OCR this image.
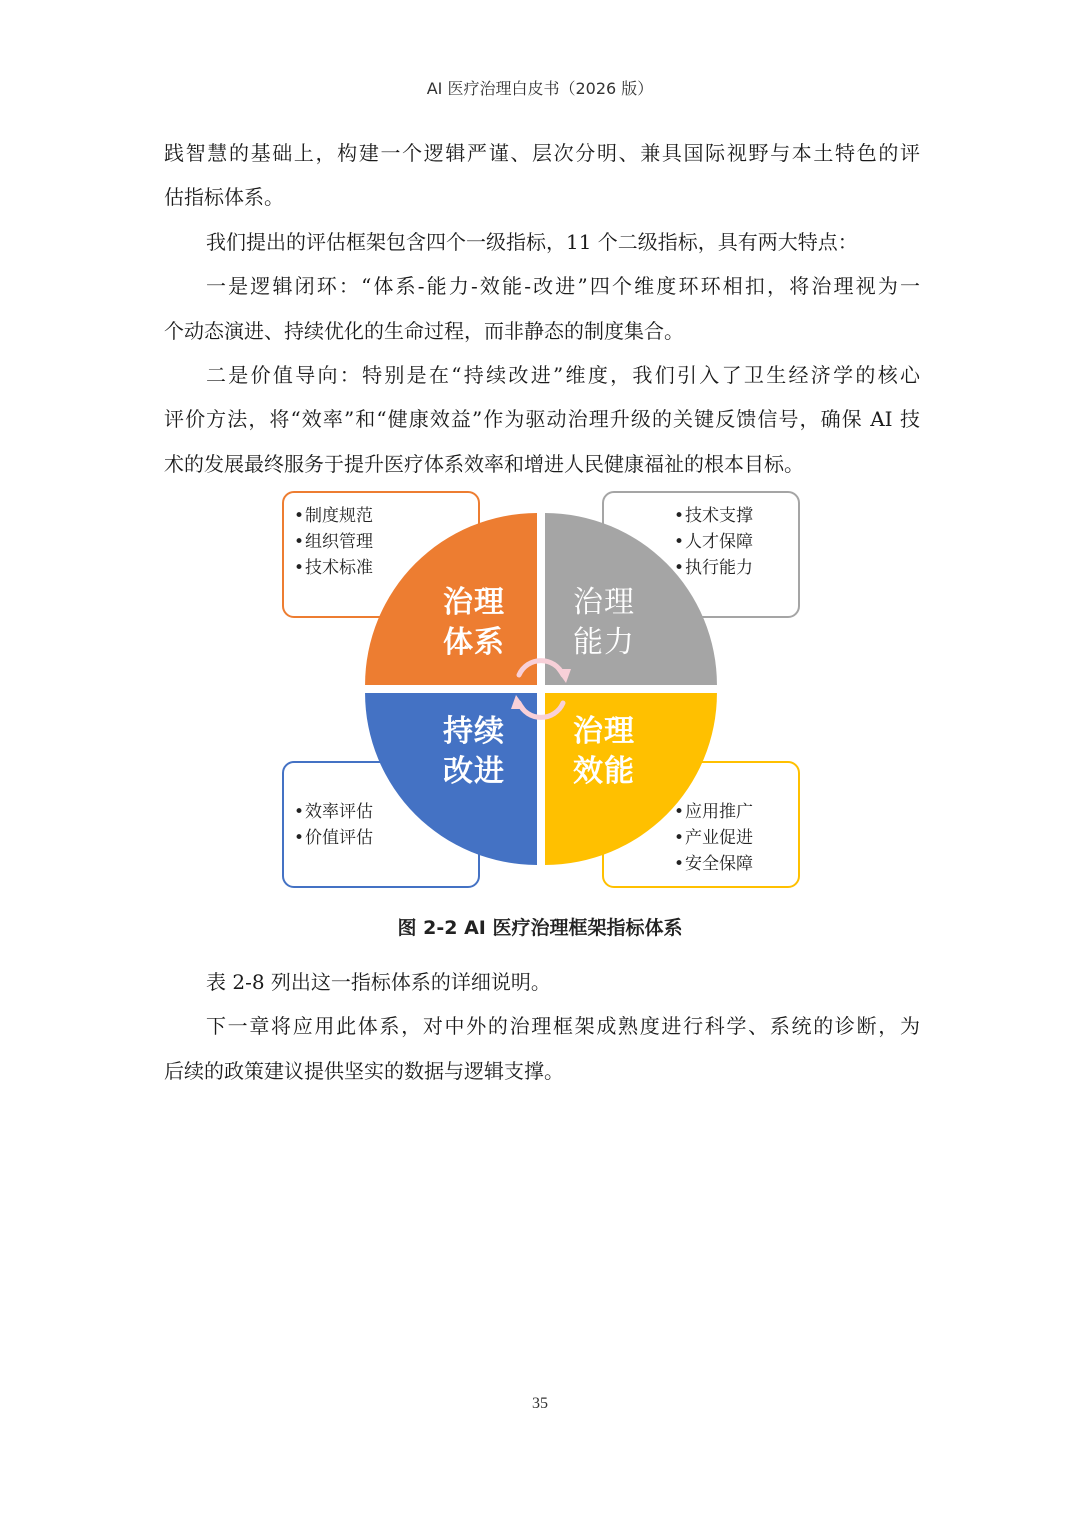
AI 医疗治理白皮书（2026 版）
践智慧的基础上，构建一个逻辑严谨、层次分明、兼具国际视野与本土特色的评
估指标体系。
我们提出的评估框架包含四个一级指标，11 个二级指标，具有两大特点：
一是逻辑闭环：“体系-能力-效能-改进”四个维度环环相扣，将治理视为一
个动态演进、持续优化的生命过程，而非静态的制度集合。
二是价值导向：特别是在“持续改进”维度，我们引入了卫生经济学的核心
评价方法，将“效率”和“健康效益”作为驱动治理升级的关键反馈信号，确保 AI 技
术的发展最终服务于提升医疗体系效率和增进人民健康福祉的根本目标。
• 制度规范
• 组织管理
• 技术标准
• 技术支撑
• 人才保障
• 执行能力
• 效率评估
• 价值评估
• 应用推广
• 产业促进
• 安全保障
治理
体系
治理
能力
持续
改进
治理
效能
图 2-2 AI 医疗治理框架指标体系
表 2-8 列出这一指标体系的详细说明。
下一章将应用此体系，对中外的治理框架成熟度进行科学、系统的诊断，为
后续的政策建议提供坚实的数据与逻辑支撑。
35
